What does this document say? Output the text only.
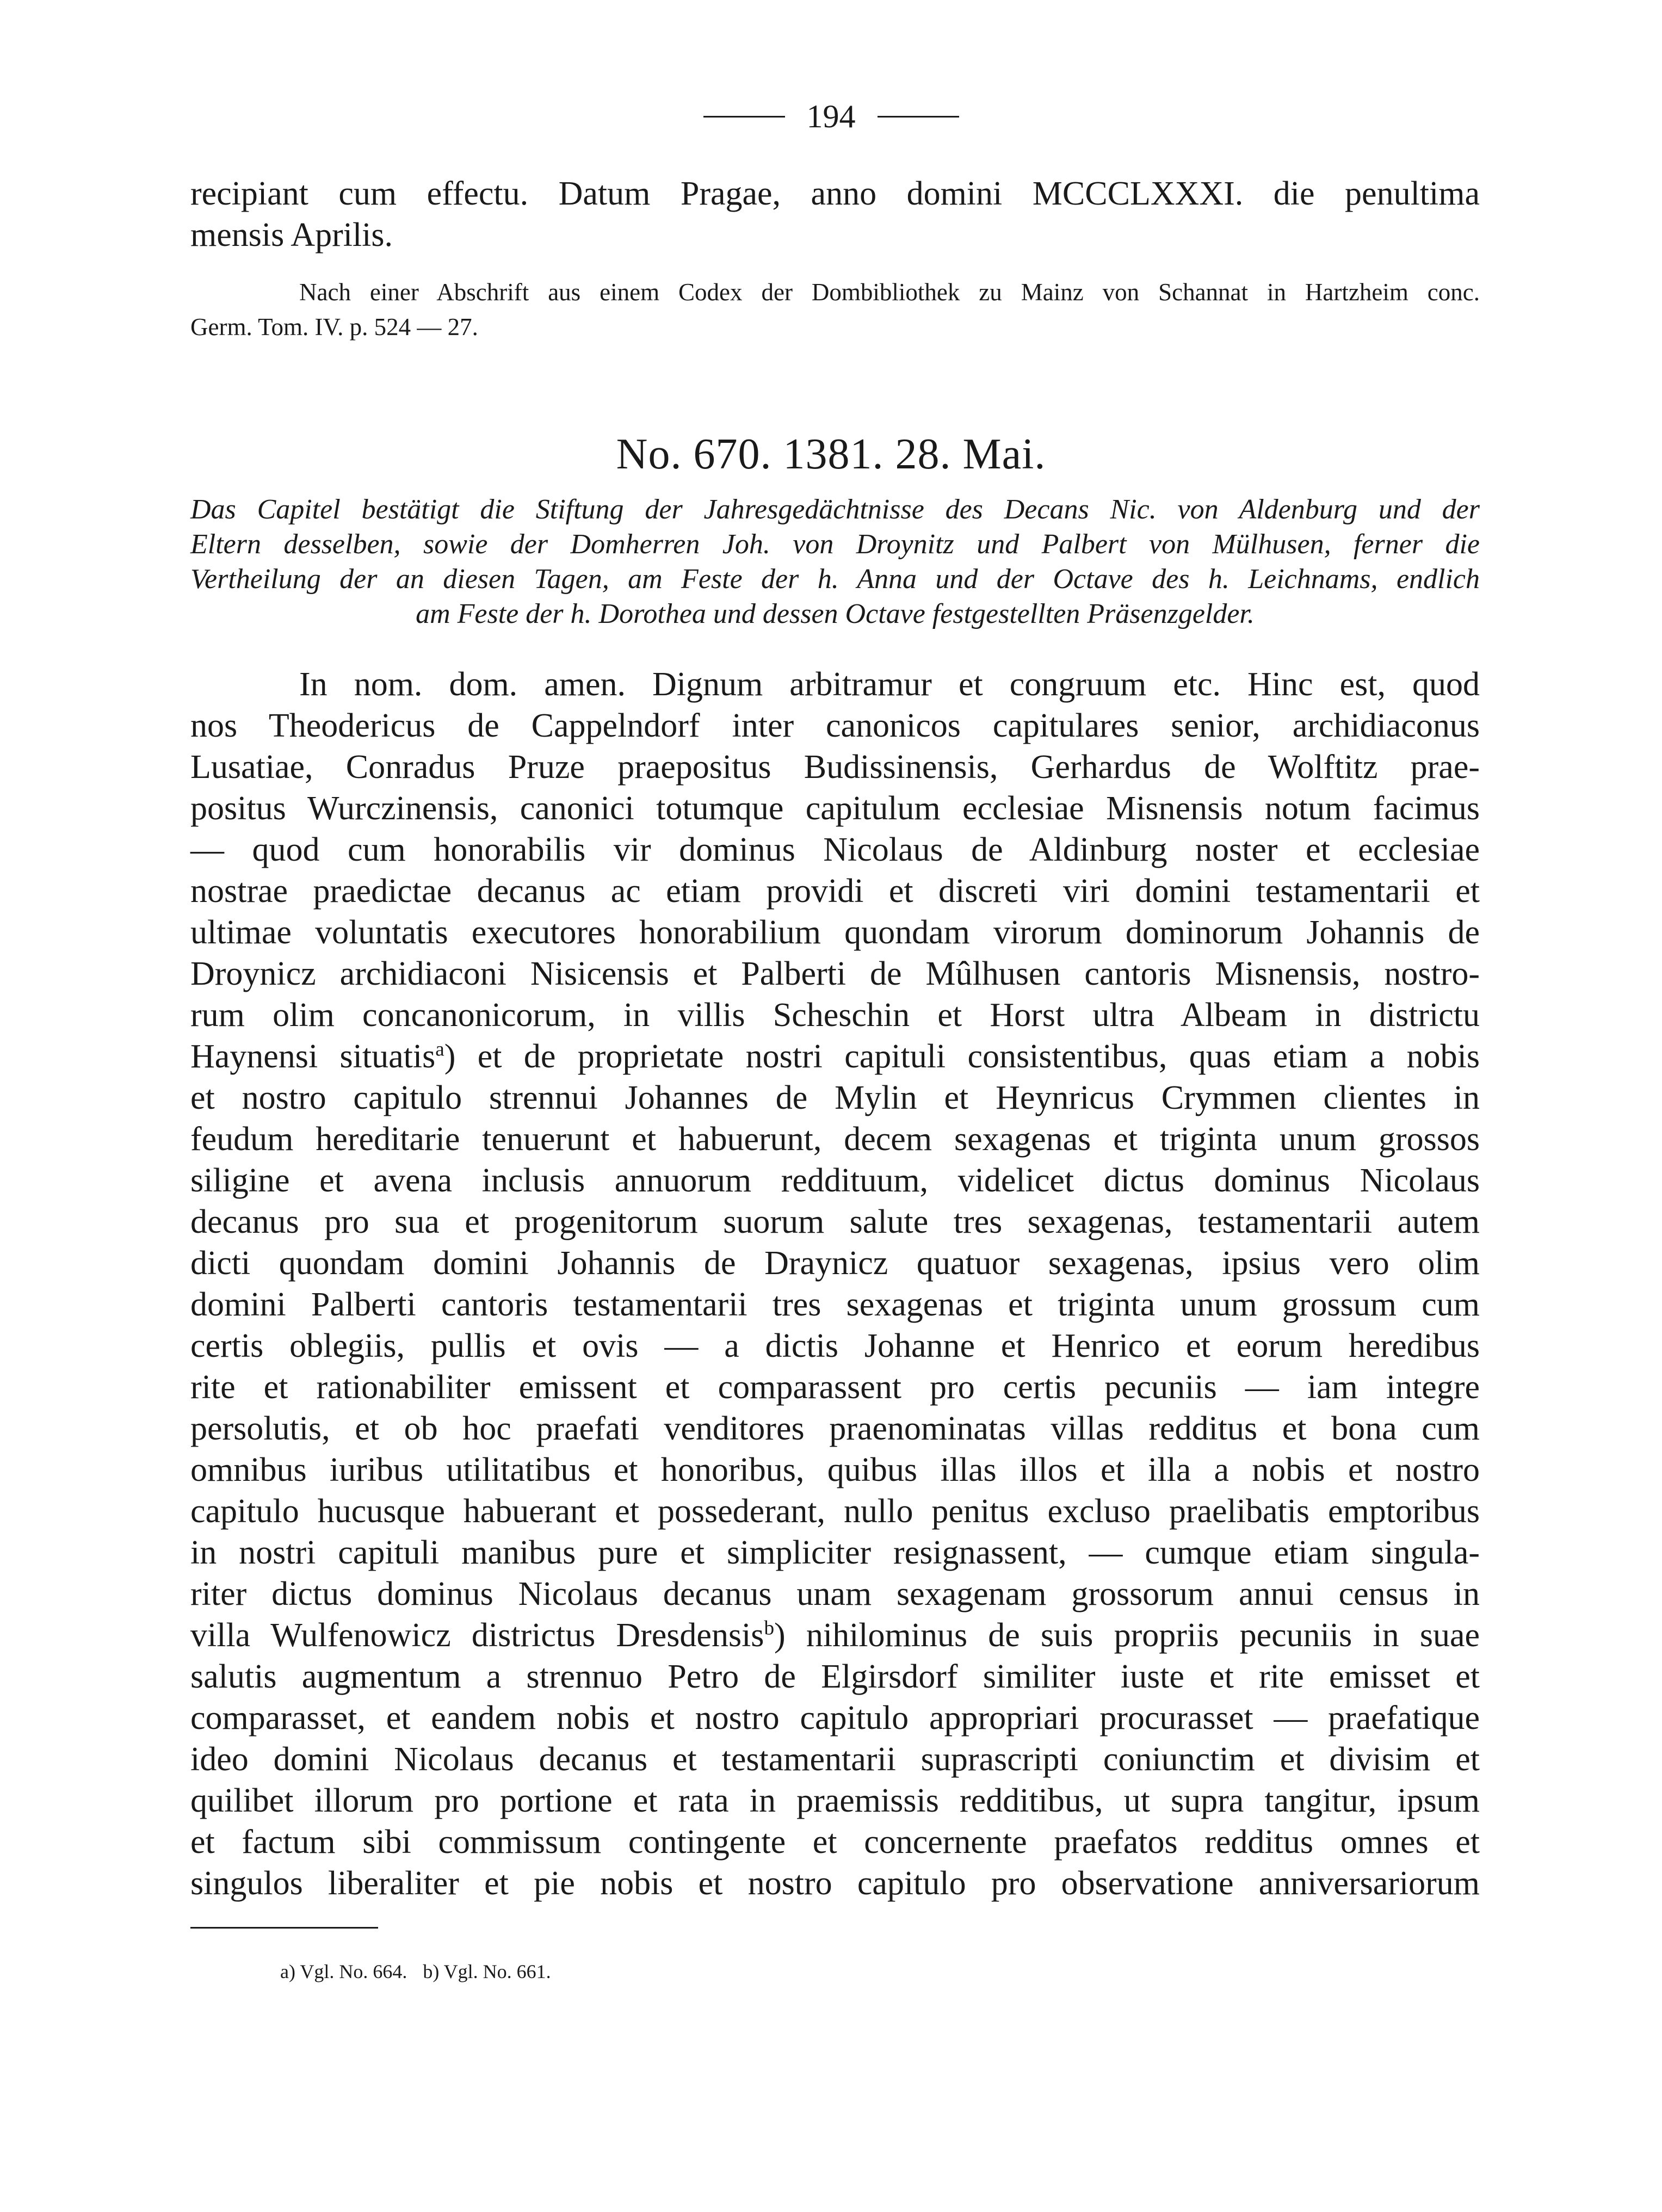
194
recipiant cum effectu. Datum Pragae, anno domini MCCCLXXXI. die penultima
mensis Aprilis.
Nach einer Abschrift aus einem Codex der Dombibliothek zu Mainz von Schannat in Hartzheim conc.
Germ. Tom. IV. p. 524 — 27.
No. 670. 1381. 28. Mai.
Das Capitel bestätigt die Stiftung der Jahresgedächtnisse des Decans Nic. von Aldenburg und der
Eltern desselben, sowie der Domherren Joh. von Droynitz und Palbert von Mülhusen, ferner die
Vertheilung der an diesen Tagen, am Feste der h. Anna und der Octave des h. Leichnams, endlich
am Feste der h. Dorothea und dessen Octave festgestellten Präsenzgelder.
In nom. dom. amen. Dignum arbitramur et congruum etc. Hinc est, quod
nos Theodericus de Cappelndorf inter canonicos capitulares senior, archidiaconus
Lusatiae, Conradus Pruze praepositus Budissinensis, Gerhardus de Wolftitz prae-
positus Wurczinensis, canonici totumque capitulum ecclesiae Misnensis notum facimus
— quod cum honorabilis vir dominus Nicolaus de Aldinburg noster et ecclesiae
nostrae praedictae decanus ac etiam providi et discreti viri domini testamentarii et
ultimae voluntatis executores honorabilium quondam virorum dominorum Johannis de
Droynicz archidiaconi Nisicensis et Palberti de Mûlhusen cantoris Misnensis, nostro-
rum olim concanonicorum, in villis Scheschin et Horst ultra Albeam in districtu
Haynensi situatis$^a$) et de proprietate nostri capituli consistentibus, quas etiam a nobis
et nostro capitulo strennui Johannes de Mylin et Heynricus Crymmen clientes in
feudum hereditarie tenuerunt et habuerunt, decem sexagenas et triginta unum grossos
siligine et avena inclusis annuorum reddituum, videlicet dictus dominus Nicolaus
decanus pro sua et progenitorum suorum salute tres sexagenas, testamentarii autem
dicti quondam domini Johannis de Draynicz quatuor sexagenas, ipsius vero olim
domini Palberti cantoris testamentarii tres sexagenas et triginta unum grossum cum
certis oblegiis, pullis et ovis — a dictis Johanne et Henrico et eorum heredibus
rite et rationabiliter emissent et comparassent pro certis pecuniis — iam integre
persolutis, et ob hoc praefati venditores praenominatas villas redditus et bona cum
omnibus iuribus utilitatibus et honoribus, quibus illas illos et illa a nobis et nostro
capitulo hucusque habuerant et possederant, nullo penitus excluso praelibatis emptoribus
in nostri capituli manibus pure et simpliciter resignassent, — cumque etiam singula-
riter dictus dominus Nicolaus decanus unam sexagenam grossorum annui census in
villa Wulfenowicz districtus Dresdensis$^b$) nihilominus de suis propriis pecuniis in suae
salutis augmentum a strennuo Petro de Elgirsdorf similiter iuste et rite emisset et
comparasset, et eandem nobis et nostro capitulo appropriari procurasset — praefatique
ideo domini Nicolaus decanus et testamentarii suprascripti coniunctim et divisim et
quilibet illorum pro portione et rata in praemissis redditibus, ut supra tangitur, ipsum
et factum sibi commissum contingente et concernente praefatos redditus omnes et
singulos liberaliter et pie nobis et nostro capitulo pro observatione anniversariorum
a) Vgl. No. 664. b) Vgl. No. 661.
